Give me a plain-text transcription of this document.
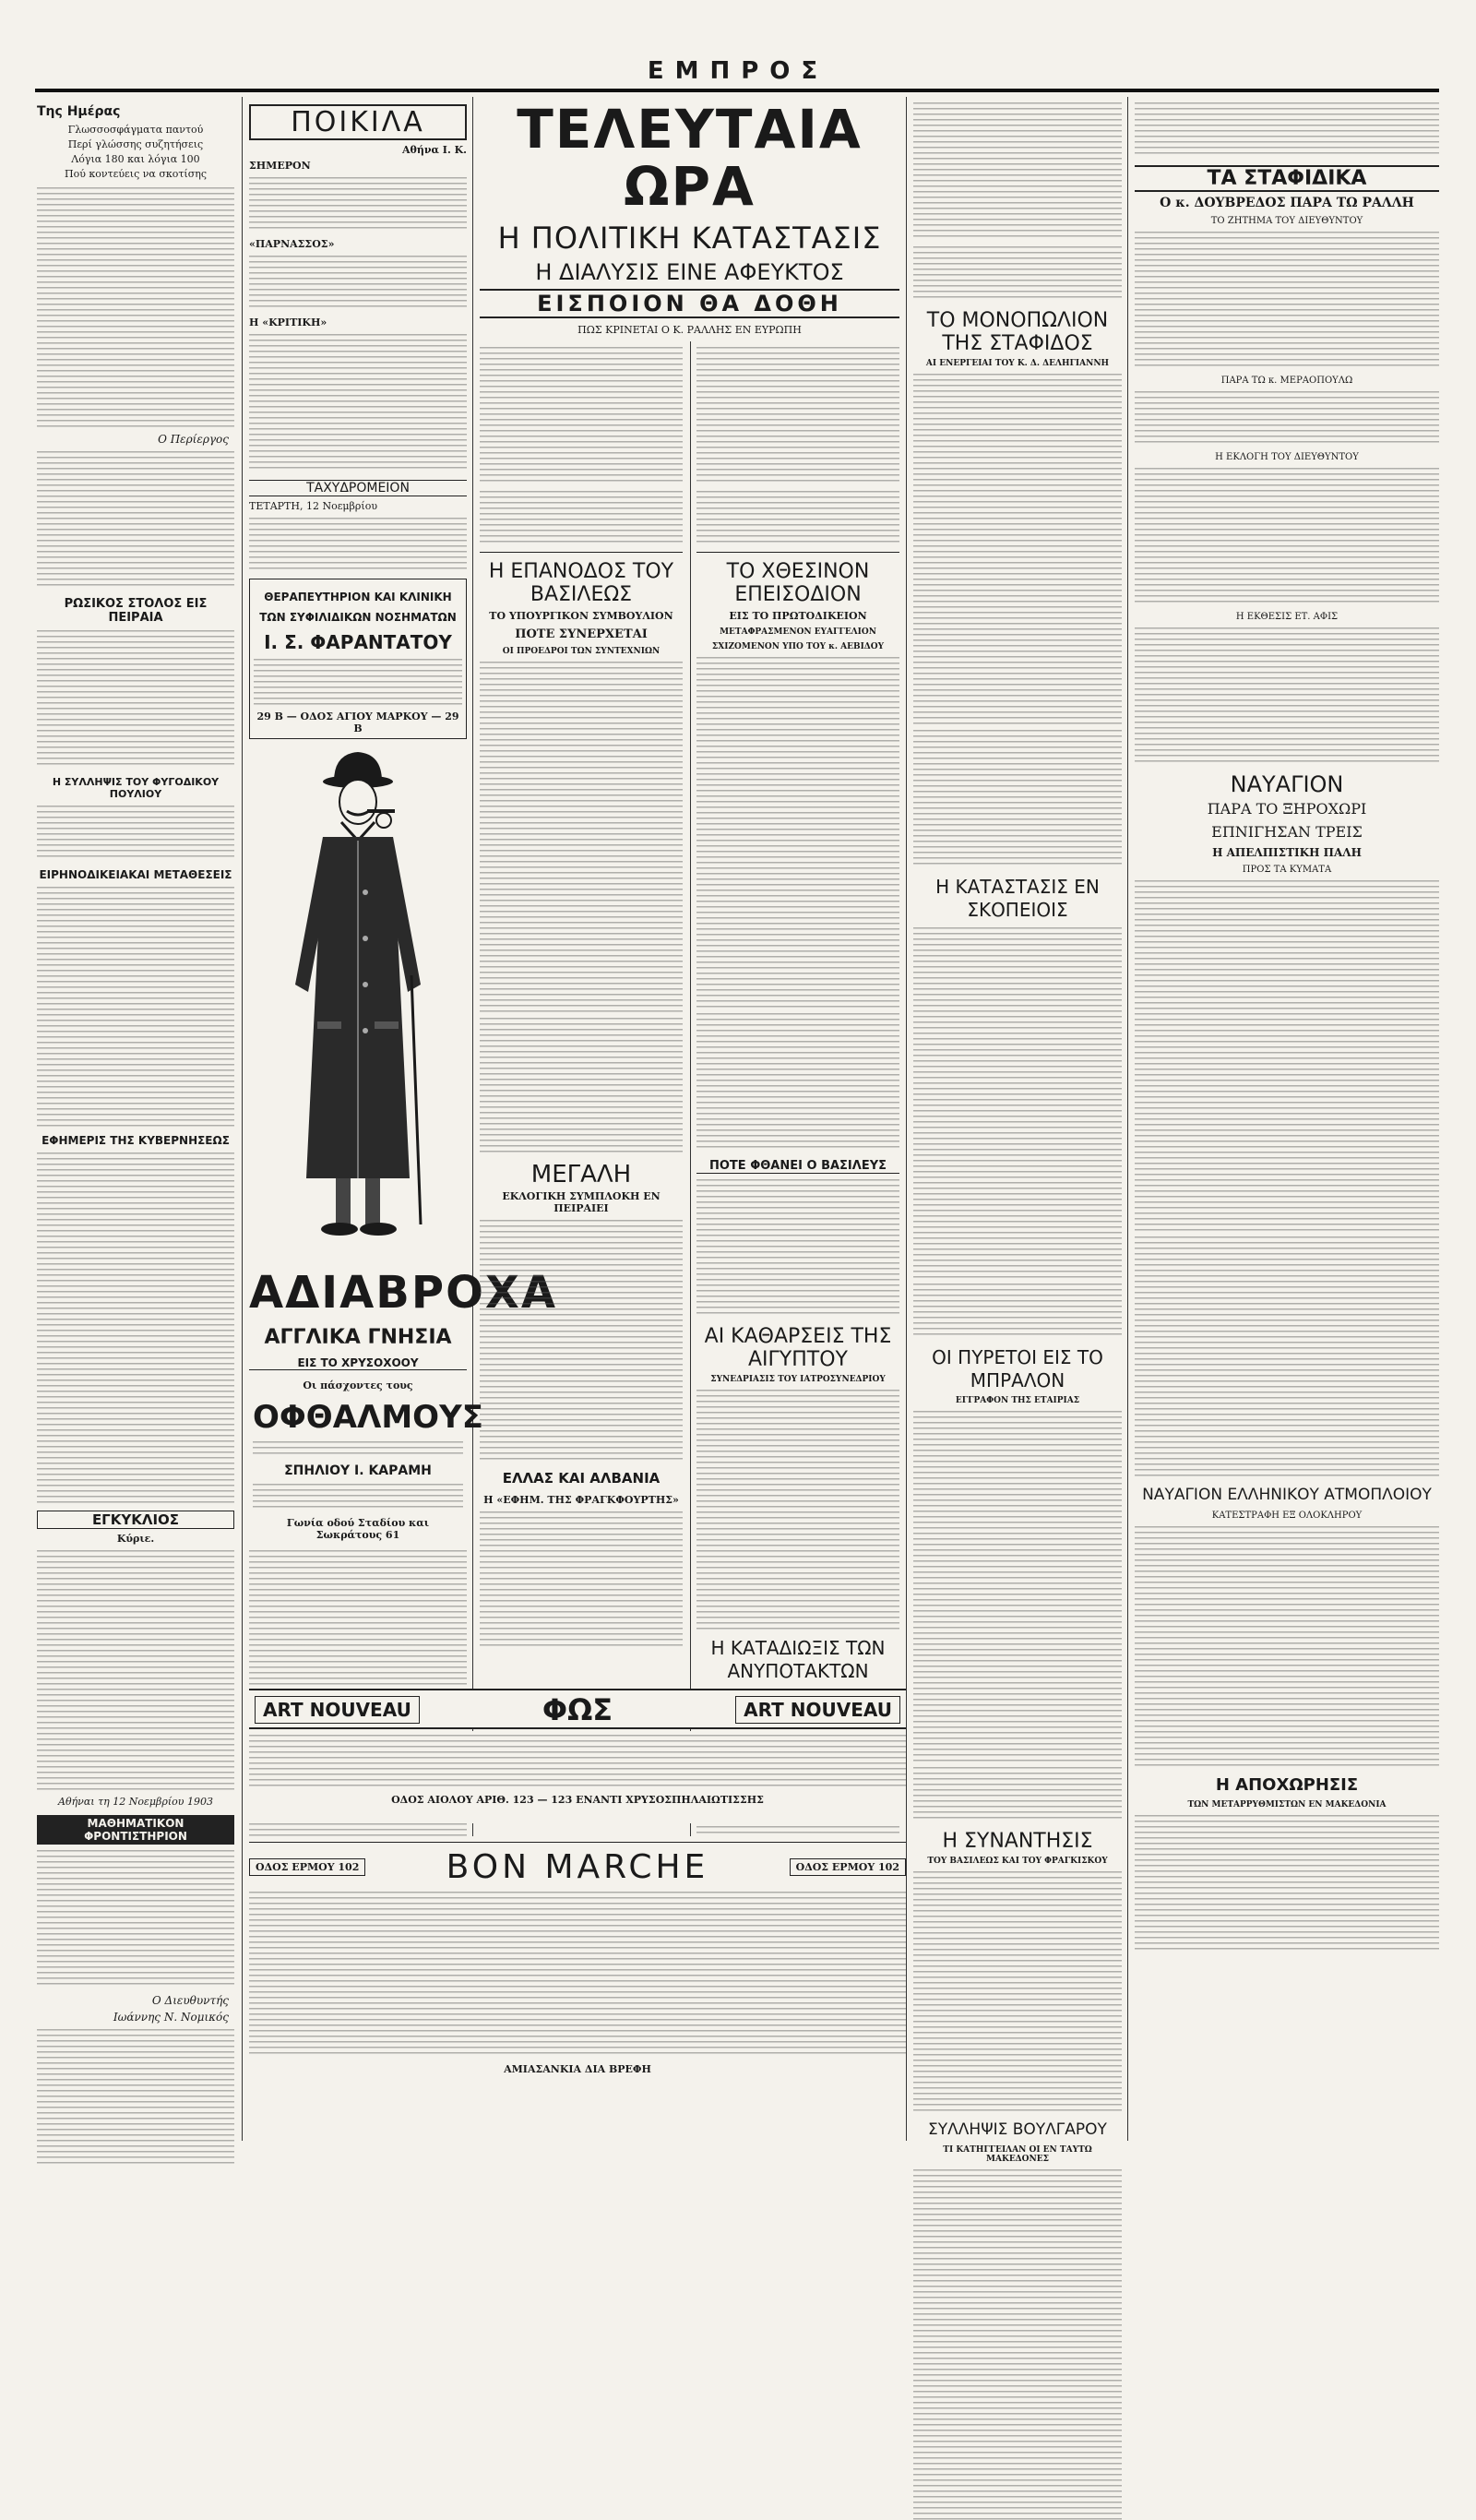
ΕΜΠΡΟΣ
Της Ημέρας
Γλωσσοσφάγματα παντού
Περί γλώσσης συζητήσεις
Λόγια 180 και λόγια 100
Πού κοντεύεις να σκοτίσης
Ο Περίεργος
ΡΩΣΙΚΟΣ ΣΤΟΛΟΣ ΕΙΣ ΠΕΙΡΑΙΑ
Η ΣΥΛΛΗΨΙΣ ΤΟΥ ΦΥΓΟΔΙΚΟΥ ΠΟΥΛΙΟΥ
ΕΙΡΗΝΟΔΙΚΕΙΑΚΑΙ ΜΕΤΑΘΕΣΕΙΣ
ΕΦΗΜΕΡΙΣ ΤΗΣ ΚΥΒΕΡΝΗΣΕΩΣ
ΕΓΚΥΚΛΙΟΣ
Κύριε.
Αθήναι τη 12 Νοεμβρίου 1903
ΜΑΘΗΜΑΤΙΚΟΝ ΦΡΟΝΤΙΣΤΗΡΙΟΝ
Ο Διευθυντής
Ιωάννης Ν. Νομικός
ΠΟΙΚΙΛΑ
Αθήνα Ι. Κ.
ΣΗΜΕΡΟΝ
«ΠΑΡΝΑΣΣΟΣ»
Η «ΚΡΙΤΙΚΗ»
ΤΑΧΥΔΡΟΜΕΙΟΝ
ΤΕΤΑΡΤΗ, 12 Νοεμβρίου
ΘΕΡΑΠΕΥΤΗΡΙΟΝ ΚΑΙ ΚΛΙΝΙΚΗ
ΤΩΝ ΣΥΦΙΛΙΔΙΚΩΝ ΝΟΣΗΜΑΤΩΝ
Ι. Σ. ΦΑΡΑΝΤΑΤΟΥ
29 Β — ΟΔΟΣ ΑΓΙΟΥ ΜΑΡΚΟΥ — 29 Β
ΑΔΙΑΒΡΟΧΑ
ΑΓΓΛΙΚΑ ΓΝΗΣΙΑ
ΕΙΣ ΤΟ ΧΡΥΣΟΧΟΟΥ
Οι πάσχοντες τους
ΟΦΘΑΛΜΟΥΣ
ΣΠΗΛΙΟΥ Ι. ΚΑΡΑΜΗ
Γωνία οδού Σταδίου και Σωκράτους 61
ΤΕΛΕΥΤΑΙΑ ΩΡΑ
Η ΠΟΛΙΤΙΚΗ ΚΑΤΑΣΤΑΣΙΣ
Η ΔΙΑΛΥΣΙΣ ΕΙΝΕ ΑΦΕΥΚΤΟΣ
ΕΙΣΠΟΙΟΝ ΘΑ ΔΟΘΗ
ΠΩΣ ΚΡΙΝΕΤΑΙ Ο Κ. ΡΑΛΛΗΣ ΕΝ ΕΥΡΩΠΗ
Η ΕΠΑΝΟΔΟΣ ΤΟΥ ΒΑΣΙΛΕΩΣ
ΤΟ ΥΠΟΥΡΓΙΚΟΝ ΣΥΜΒΟΥΛΙΟΝ
ΠΟΤΕ ΣΥΝΕΡΧΕΤΑΙ
ΟΙ ΠΡΟΕΔΡΟΙ ΤΩΝ ΣΥΝΤΕΧΝΙΩΝ
ΜΕΓΑΛΗ
ΕΚΛΟΓΙΚΗ ΣΥΜΠΛΟΚΗ ΕΝ ΠΕΙΡΑΙΕΙ
ΕΛΛΑΣ ΚΑΙ ΑΛΒΑΝΙΑ
Η «ΕΦΗΜ. ΤΗΣ ΦΡΑΓΚΦΟΥΡΤΗΣ»
ΤΟ ΧΘΕΣΙΝΟΝ ΕΠΕΙΣΟΔΙΟΝ
ΕΙΣ ΤΟ ΠΡΩΤΟΔΙΚΕΙΟΝ
ΜΕΤΑΦΡΑΣΜΕΝΟΝ ΕΥΑΓΓΕΛΙΟΝ
ΣΧΙΖΟΜΕΝΟΝ ΥΠΟ ΤΟΥ κ. ΑΕΒΙΔΟΥ
ΠΟΤΕ ΦΘΑΝΕΙ Ο ΒΑΣΙΛΕΥΣ
ΑΙ ΚΑΘΑΡΣΕΙΣ ΤΗΣ ΑΙΓΥΠΤΟΥ
ΣΥΝΕΔΡΙΑΣΙΣ ΤΟΥ ΙΑΤΡΟΣΥΝΕΔΡΙΟΥ
Η ΚΑΤΑΔΙΩΞΙΣ ΤΩΝ ΑΝΥΠΟΤΑΚΤΩΝ
ART NOUVEAU	ΦΩΣ	ART NOUVEAU
ΟΔΟΣ ΑΙΟΛΟΥ ΑΡΙΘ. 123 — 123 ΕΝΑΝΤΙ ΧΡΥΣΟΣΠΗΛΑΙΩΤΙΣΣΗΣ
ΟΔΟΣ ΕΡΜΟΥ 102	BON MARCHE	ΟΔΟΣ ΕΡΜΟΥ 102
ΑΜΙΑΣΑΝΚΙΑ ΔΙΑ ΒΡΕΦΗ
ΤΟ ΜΟΝΟΠΩΛΙΟΝ ΤΗΣ ΣΤΑΦΙΔΟΣ
ΑΙ ΕΝΕΡΓΕΙΑΙ ΤΟΥ Κ. Δ. ΔΕΛΗΓΙΑΝΝΗ
Η ΚΑΤΑΣΤΑΣΙΣ ΕΝ ΣΚΟΠΕΙΟΙΣ
ΟΙ ΠΥΡΕΤΟΙ ΕΙΣ ΤΟ ΜΠΡΑΛΟΝ
ΕΓΓΡΑΦΟΝ ΤΗΣ ΕΤΑΙΡΙΑΣ
Η ΣΥΝΑΝΤΗΣΙΣ
ΤΟΥ ΒΑΣΙΛΕΩΣ ΚΑΙ ΤΟΥ ΦΡΑΓΚΙΣΚΟΥ
ΣΥΛΛΗΨΙΣ ΒΟΥΛΓΑΡΟΥ
ΤΙ ΚΑΤΗΓΓΕΙΛΑΝ ΟΙ ΕΝ ΤΑΥΤΩ ΜΑΚΕΔΟΝΕΣ
ΤΑ ΣΤΑΦΙΔΙΚΑ
Ο κ. ΔΟΥΒΡΕΔΟΣ ΠΑΡΑ ΤΩ ΡΑΛΛΗ
ΤΟ ΖΗΤΗΜΑ ΤΟΥ ΔΙΕΥΘΥΝΤΟΥ
ΠΑΡΑ ΤΩ κ. ΜΕΡΑΟΠΟΥΛΩ
Η ΕΚΛΟΓΗ ΤΟΥ ΔΙΕΥΘΥΝΤΟΥ
Η ΕΚΘΕΣΙΣ ΕΤ. ΑΦΙΣ
ΝΑΥΑΓΙΟΝ
ΠΑΡΑ ΤΟ ΞΗΡΟΧΩΡΙ
ΕΠΝΙΓΗΣΑΝ ΤΡΕΙΣ
Η ΑΠΕΛΠΙΣΤΙΚΗ ΠΑΛΗ
ΠΡΟΣ ΤΑ ΚΥΜΑΤΑ
ΝΑΥΑΓΙΟΝ ΕΛΛΗΝΙΚΟΥ ΑΤΜΟΠΛΟΙΟΥ
ΚΑΤΕΣΤΡΑΦΗ ΕΞ ΟΛΟΚΛΗΡΟΥ
Η ΑΠΟΧΩΡΗΣΙΣ
ΤΩΝ ΜΕΤΑΡΡΥΘΜΙΣΤΩΝ ΕΝ ΜΑΚΕΔΟΝΙΑ
